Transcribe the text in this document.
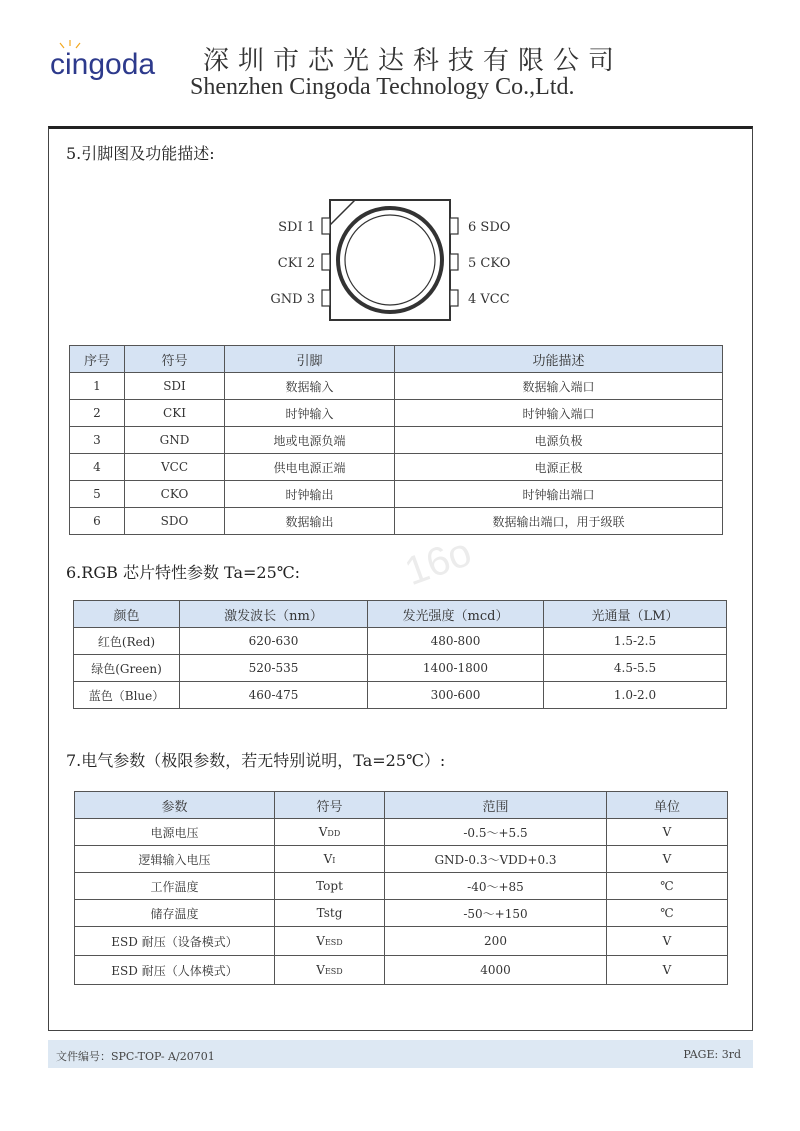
cingoda 深圳市芯光达科技有限公司
Shenzhen Cingoda Technology Co.,Ltd.
16o
5.引脚图及功能描述:
SDI 1
CKI 2
GND 3
6 SDO
5 CKO
4 VCC
序号	符号	引脚	功能描述
1	SDI	数据输入	数据输入端口
2	CKI	时钟输入	时钟输入端口
3	GND	地或电源负端	电源负极
4	VCC	供电电源正端	电源正极
5	CKO	时钟输出	时钟输出端口
6	SDO	数据输出	数据输出端口，用于级联
6.RGB 芯片特性参数 Ta=25℃:
颜色	激发波长（nm）	发光强度（mcd）	光通量（LM）
红色(Red)	620-630	480-800	1.5-2.5
绿色(Green)	520-535	1400-1800	4.5-5.5
蓝色（Blue）	460-475	300-600	1.0-2.0
7.电气参数（极限参数，若无特别说明，Ta=25℃）:
参数	符号	范围	单位
电源电压	VDD	-0.5～+5.5	V
逻辑输入电压	VI	GND-0.3～VDD+0.3	V
工作温度	Topt	-40～+85	℃
储存温度	Tstg	-50～+150	℃
ESD 耐压（设备模式）	VESD	200	V
ESD 耐压（人体模式）	VESD	4000	V
文件编号：SPC-TOP- A/20701	PAGE: 3rd
